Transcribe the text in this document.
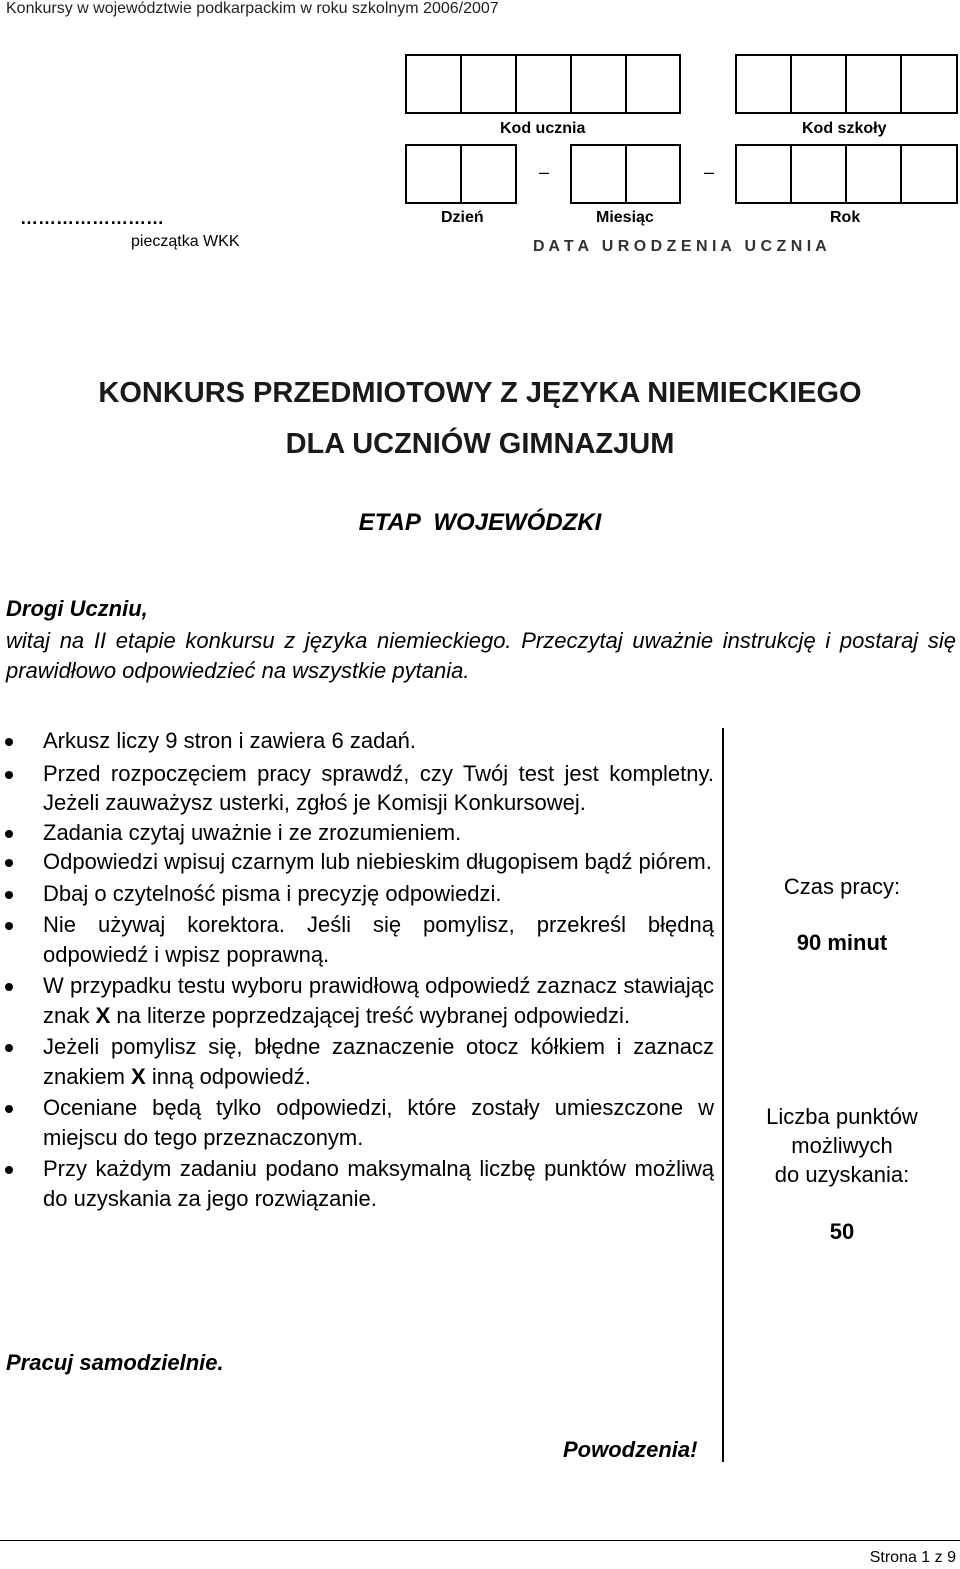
Konkursy w województwie podkarpackim w roku szkolnym 2006/2007
Kod ucznia	Kod szkoły
–	–
Dzień	Miesiąc	Rok
D A T A   U R O D Z E N I A   U C Z N I A
……………………
pieczątka WKK
KONKURS PRZEDMIOTOWY Z JĘZYKA NIEMIECKIEGO
DLA UCZNIÓW GIMNAZJUM
ETAP  WOJEWÓDZKI
Drogi Uczniu,
witaj na II etapie konkursu z języka niemieckiego. Przeczytaj uważnie instrukcję i postaraj się prawidłowo odpowiedzieć na wszystkie pytania.
Arkusz liczy 9 stron i zawiera 6 zadań.
Przed rozpoczęciem pracy sprawdź, czy Twój test jest kompletny. Jeżeli zauważysz usterki, zgłoś je Komisji Konkursowej.
Zadania czytaj uważnie i ze zrozumieniem.
Odpowiedzi wpisuj czarnym lub niebieskim długopisem bądź piórem.
Dbaj o czytelność pisma i precyzję odpowiedzi.
Nie używaj korektora. Jeśli się pomylisz, przekreśl błędną odpowiedź i wpisz poprawną.
W przypadku testu wyboru prawidłową odpowiedź zaznacz stawiając znak X na literze poprzedzającej treść wybranej odpowiedzi.
Jeżeli pomylisz się, błędne zaznaczenie otocz kółkiem i zaznacz znakiem X inną odpowiedź.
Oceniane będą tylko odpowiedzi, które zostały umieszczone w miejscu do tego przeznaczonym.
Przy każdym zadaniu podano maksymalną liczbę punktów możliwą do uzyskania za jego rozwiązanie.
Czas pracy:
90 minut
Liczba punktów
możliwych
do uzyskania:
50
Pracuj samodzielnie.
Powodzenia!
Strona 1 z 9
